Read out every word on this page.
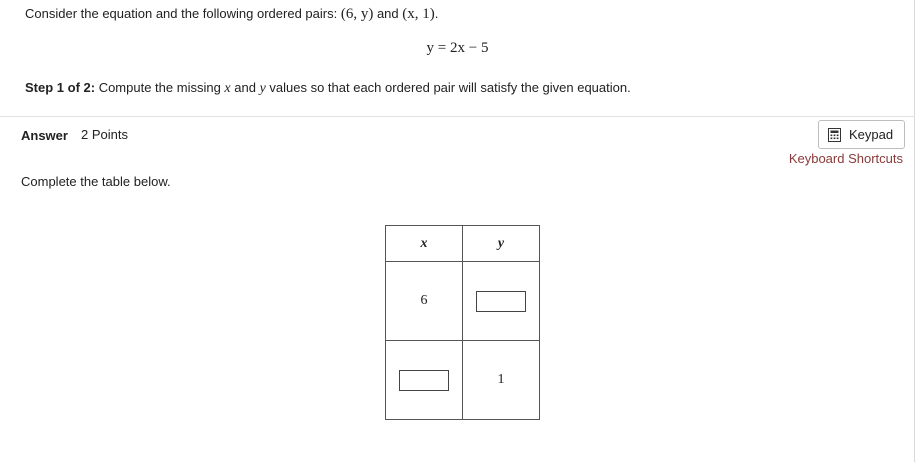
Consider the equation and the following ordered pairs: (6, y) and (x, 1).
y = 2x − 5
Step 1 of 2: Compute the missing x and y values so that each ordered pair will satisfy the given equation.
Answer 2 Points	Keypad
Keyboard Shortcuts
Complete the table below.
x	y
6	
	1
